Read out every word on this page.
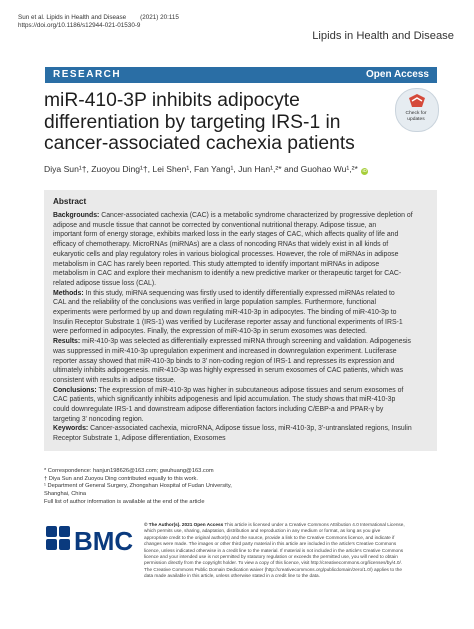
Sun et al. Lipids in Health and Disease        (2021) 20:115
https://doi.org/10.1186/s12944-021-01530-9
Lipids in Health and Disease
RESEARCH	Open Access
miR-410-3P inhibits adipocyte differentiation by targeting IRS-1 in cancer-associated cachexia patients
Check for
updates
Diya Sun¹†, Zuoyou Ding¹†, Lei Shen¹, Fan Yang¹, Jun Han¹,²* and Guohao Wu¹,²* iD
Abstract
Backgrounds: Cancer-associated cachexia (CAC) is a metabolic syndrome characterized by progressive depletion of
adipose and muscle tissue that cannot be corrected by conventional nutritional therapy. Adipose tissue, an
important form of energy storage, exhibits marked loss in the early stages of CAC, which affects quality of life and
efficacy of chemotherapy. MicroRNAs (miRNAs) are a class of noncoding RNAs that widely exist in all kinds of
eukaryotic cells and play regulatory roles in various biological processes. However, the role of miRNAs in adipose
metabolism in CAC has rarely been reported. This study attempted to identify important miRNAs in adipose
metabolism in CAC and explore their mechanism to identify a new predictive marker or therapeutic target for CAC-
related adipose tissue loss (CAL).
Methods: In this study, miRNA sequencing was firstly used to identify differentially expressed miRNAs related to
CAL and the reliability of the conclusions was verified in large population samples. Furthermore, functional
experiments were performed by up and down regulating miR-410-3p in adipocytes. The binding of miR-410-3p to
Insulin Receptor Substrate 1 (IRS-1) was verified by Luciferase reporter assay and functional experiments of IRS-1
were performed in adipocytes. Finally, the expression of miR-410-3p in serum exosomes was detected.
Results: miR-410-3p was selected as differentially expressed miRNA through screening and validation. Adipogenesis
was suppressed in miR-410-3p upregulation experiment and increased in downregulation experiment. Luciferase
reporter assay showed that miR-410-3p binds to 3' non-coding region of IRS-1 and represses its expression and
ultimately inhibits adipogenesis. miR-410-3p was highly expressed in serum exosomes of CAC patients, which was
consistent with results in adipose tissue.
Conclusions: The expression of miR-410-3p was higher in subcutaneous adipose tissues and serum exosomes of
CAC patients, which significantly inhibits adipogenesis and lipid accumulation. The study shows that miR-410-3p
could downregulate IRS-1 and downstream adipose differentiation factors including C/EBP-a and PPAR-γ by
targeting 3' noncoding region.
Keywords: Cancer-associated cachexia, microRNA, Adipose tissue loss, miR-410-3p, 3'-untranslated regions, Insulin
Receptor Substrate 1, Adipose differentiation, Exosomes
* Correspondence: hanjun198626@163.com; gwuhuang@163.com
† Diya Sun and Zuoyou Ding contributed equally to this work.
¹ Department of General Surgery, Zhongshan Hospital of Fudan University,
Shanghai, China
Full list of author information is available at the end of the article
BMC
© The Author(s). 2021 Open Access This article is licensed under a Creative Commons Attribution 4.0 International License,
which permits use, sharing, adaptation, distribution and reproduction in any medium or format, as long as you give
appropriate credit to the original author(s) and the source, provide a link to the Creative Commons licence, and indicate if
changes were made. The images or other third party material in this article are included in the article's Creative Commons
licence, unless indicated otherwise in a credit line to the material. If material is not included in the article's Creative Commons
licence and your intended use is not permitted by statutory regulation or exceeds the permitted use, you will need to obtain
permission directly from the copyright holder. To view a copy of this licence, visit http://creativecommons.org/licenses/by/4.0/.
The Creative Commons Public Domain Dedication waiver (http://creativecommons.org/publicdomain/zero/1.0/) applies to the
data made available in this article, unless otherwise stated in a credit line to the data.
